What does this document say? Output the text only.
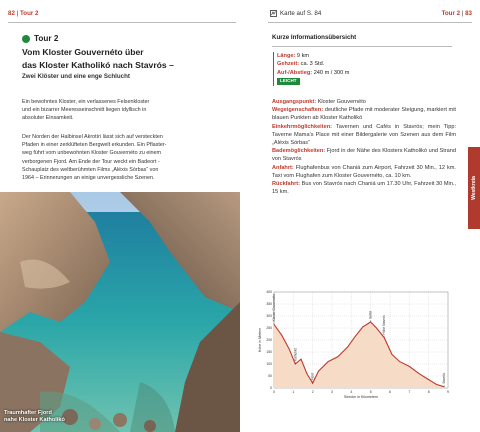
82 | Tour 2
Tour 2
Vom Kloster Gouvernéto über
das Kloster Katholikó nach Stavrós –
Zwei Klöster und eine enge Schlucht
Ein bewohntes Kloster, ein verlassenes Felsenkloster
und ein bizarrer Meeresseinschnitt liegen idyllisch in
absoluter Einsamkeit.
Der Norden der Halbinsel Akrotíri lässt sich auf versteckten
Pfaden in einer zerklüfteten Bergwelt erkunden. Ein Pflaster-
weg führt vom unbewohnten Kloster Gouvernéto zu einem
verborgenen Fjord. Am Ende der Tour weckt ein Badeort -
Schauplatz des weltberühmten Films „Aléxis Sórbas“ von
1964 – Erinnerungen an einige unvergessliche Szenen.
Traumhafter Fjord
nahe Kloster Katholikó
Karte auf S. 84	Tour 2 | 83
Kurze Informationsübersicht
Länge: 9 km
Gehzeit: ca. 3 Std.
Auf-/Abstieg: 240 m / 300 m
LEICHT
Ausgangspunkt: Kloster Gouvernéto
Wegeigenschaften: deutliche Pfade mit moderater Steigung, markiert mit blauen Punkten ab Kloster Katholikó
Einkehrmöglichkeiten: Tavernen und Cafés in Stavrós; mein Tipp: Taverne Mama’s Place mit einer Bildergalerie von Szenen aus dem Film „Aléxis Sórbas“
Bademöglichkeiten: Fjord in der Nähe des Klosters Katholikó und Strand von Stavrós
Anfahrt: Flughafenbus von Chaniá zum Airport, Fahrzeit 30 Min., 12 km. Taxi vom Flughafen zum Kloster Gouvernéto, ca. 10 km.
Rückfahrt: Bus von Stavrós nach Chaniá um 17.30 Uhr, Fahrzeit 30 Min., 15 km.	Westkreta
0
50
100
150
200
250
300
350
400
0	1	2	3	4	5	6	7	8	9
Kloster Gouvernéto
Katholikó
Fjord
Sattel
Höhe Stavrós
Stavrós
Strecke in Kilometern
Höhe in Metern
